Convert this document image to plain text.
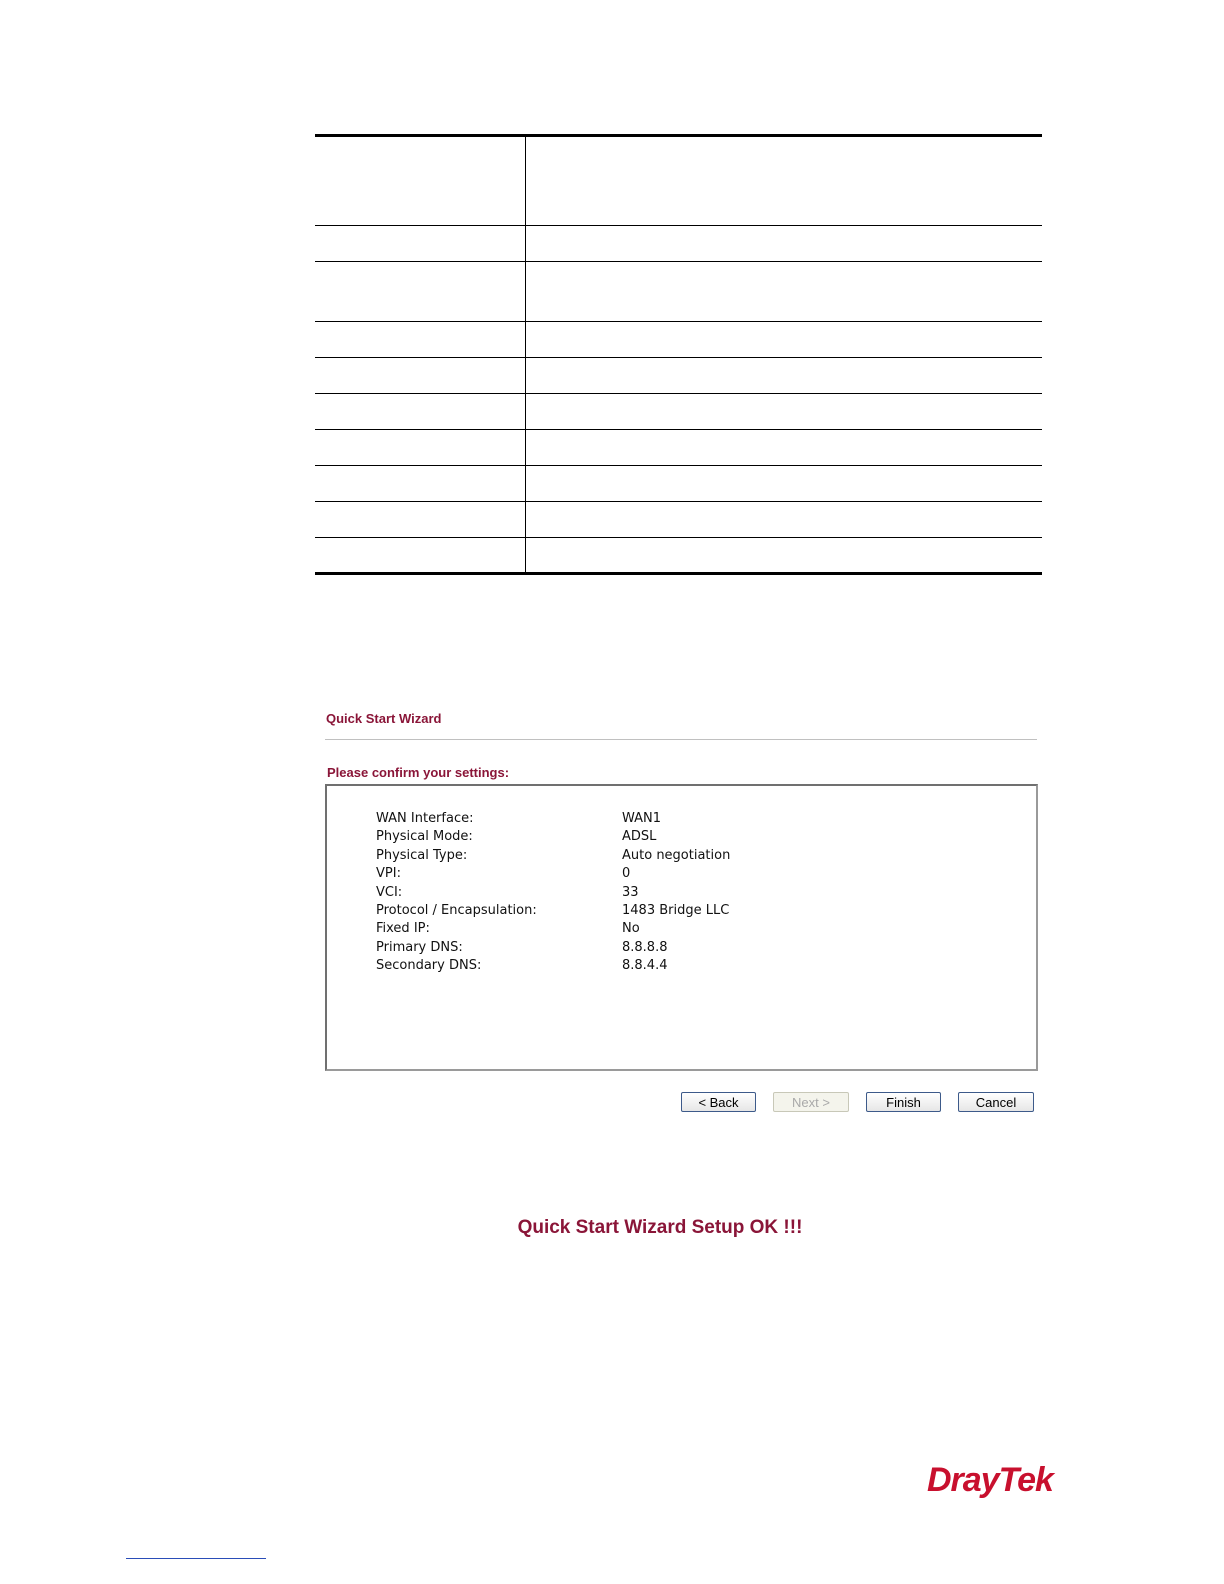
Quick Start Wizard
Please confirm your settings:
WAN Interface:	WAN1
Physical Mode:	ADSL
Physical Type:	Auto negotiation
VPI:	0
VCI:	33
Protocol / Encapsulation:	1483 Bridge LLC
Fixed IP:	No
Primary DNS:	8.8.8.8
Secondary DNS:	8.8.4.4
< Back	Next >	Finish	Cancel

Quick Start Wizard Setup OK !!!

DrayTek
